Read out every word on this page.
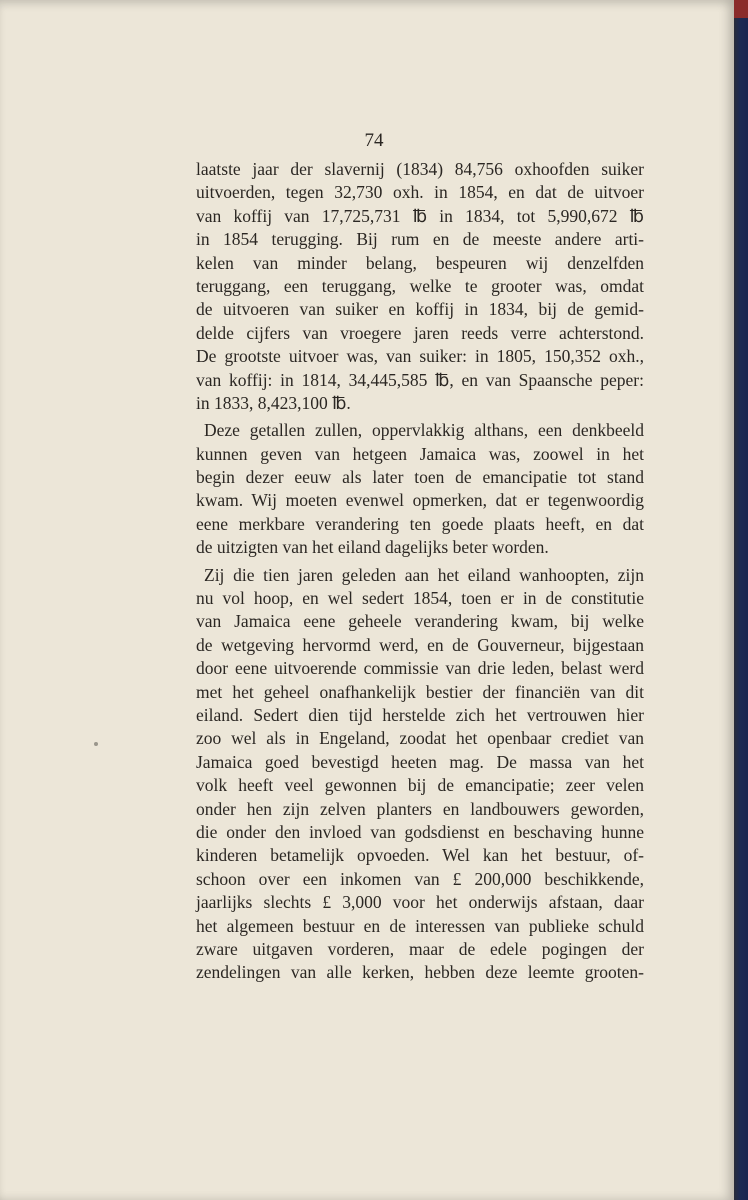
74
laatste jaar der slavernij (1834) 84,756 oxhoofden suiker
uitvoerden, tegen 32,730 oxh. in 1854, en dat de uitvoer
van koffij van 17,725,731 ℔ in 1834, tot 5,990,672 ℔
in 1854 terugging. Bij rum en de meeste andere arti-
kelen van minder belang, bespeuren wij denzelfden
teruggang, een teruggang, welke te grooter was, omdat
de uitvoeren van suiker en koffij in 1834, bij de gemid-
delde cijfers van vroegere jaren reeds verre achterstond.
De grootste uitvoer was, van suiker: in 1805, 150,352 oxh.,
van koffij: in 1814, 34,445,585 ℔, en van Spaansche peper:
in 1833, 8,423,100 ℔.
Deze getallen zullen, oppervlakkig althans, een denkbeeld
kunnen geven van hetgeen Jamaica was, zoowel in het
begin dezer eeuw als later toen de emancipatie tot stand
kwam. Wij moeten evenwel opmerken, dat er tegenwoordig
eene merkbare verandering ten goede plaats heeft, en dat
de uitzigten van het eiland dagelijks beter worden.
Zij die tien jaren geleden aan het eiland wanhoopten, zijn
nu vol hoop, en wel sedert 1854, toen er in de constitutie
van Jamaica eene geheele verandering kwam, bij welke
de wetgeving hervormd werd, en de Gouverneur, bijgestaan
door eene uitvoerende commissie van drie leden, belast werd
met het geheel onafhankelijk bestier der financiën van dit
eiland. Sedert dien tijd herstelde zich het vertrouwen hier
zoo wel als in Engeland, zoodat het openbaar crediet van
Jamaica goed bevestigd heeten mag. De massa van het
volk heeft veel gewonnen bij de emancipatie; zeer velen
onder hen zijn zelven planters en landbouwers geworden,
die onder den invloed van godsdienst en beschaving hunne
kinderen betamelijk opvoeden. Wel kan het bestuur, of-
schoon over een inkomen van £ 200,000 beschikkende,
jaarlijks slechts £ 3,000 voor het onderwijs afstaan, daar
het algemeen bestuur en de interessen van publieke schuld
zware uitgaven vorderen, maar de edele pogingen der
zendelingen van alle kerken, hebben deze leemte grooten-
